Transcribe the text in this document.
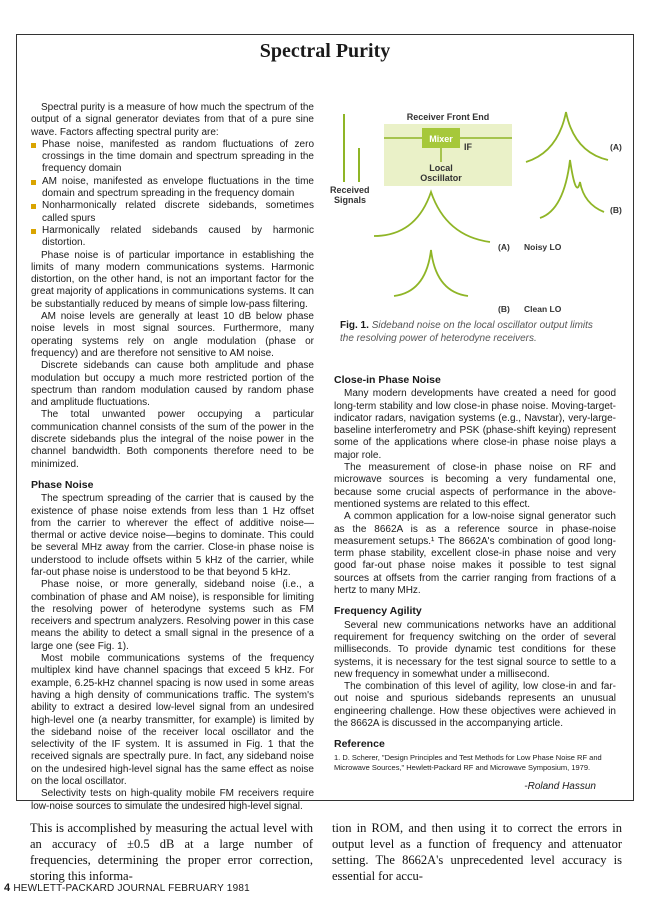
Spectral Purity

Spectral purity is a measure of how much the spectrum of the output of a signal generator deviates from that of a pure sine wave. Factors affecting spectral purity are:

Phase noise, manifested as random fluctuations of zero crossings in the time domain and spectrum spreading in the frequency domain
AM noise, manifested as envelope fluctuations in the time domain and spectrum spreading in the frequency domain
Nonharmonically related discrete sidebands, sometimes called spurs
Harmonically related sidebands caused by harmonic distortion.

Phase noise is of particular importance in establishing the limits of many modern communications systems. Harmonic distortion, on the other hand, is not an important factor for the great majority of applications in communications systems. It can be substantially reduced by means of simple low-pass filtering.

AM noise levels are generally at least 10 dB below phase noise levels in most signal sources. Furthermore, many operating systems rely on angle modulation (phase or frequency) and are therefore not sensitive to AM noise.

Discrete sidebands can cause both amplitude and phase modulation but occupy a much more restricted portion of the spectrum than random modulation caused by random phase and amplitude fluctuations.

The total unwanted power occupying a particular communication channel consists of the sum of the power in the discrete sidebands plus the integral of the noise power in the channel bandwidth. Both components therefore need to be minimized.

Phase Noise

The spectrum spreading of the carrier that is caused by the existence of phase noise extends from less than 1 Hz offset from the carrier to wherever the effect of additive noise—thermal or active device noise—begins to dominate. This could be several MHz away from the carrier. Close-in phase noise is understood to include offsets within 5 kHz of the carrier, while far-out phase noise is understood to be that beyond 5 kHz.

Phase noise, or more generally, sideband noise (i.e., a combination of phase and AM noise), is responsible for limiting the resolving power of heterodyne systems such as FM receivers and spectrum analyzers. Resolving power in this case means the ability to detect a small signal in the presence of a large one (see Fig. 1).

Most mobile communications systems of the frequency multiplex kind have channel spacings that exceed 5 kHz. For example, 6.25-kHz channel spacing is now used in some areas having a high density of communications traffic. The system's ability to extract a desired low-level signal from an undesired high-level one (a nearby transmitter, for example) is limited by the sideband noise of the receiver local oscillator and the selectivity of the IF system. It is assumed in Fig. 1 that the received signals are spectrally pure. In fact, any sideband noise on the undesired high-level signal has the same effect as noise on the local oscillator.

Selectivity tests on high-quality mobile FM receivers require low-noise sources to simulate the undesired high-level signal.

Received
Signals
Receiver Front End
Mixer
IF
Local
Oscillator
(A)
(B)
(A) Noisy LO
(B) Clean LO
Fig. 1. Sideband noise on the local oscillator output limits the resolving power of heterodyne receivers.
Close-in Phase Noise

Many modern developments have created a need for good long-term stability and low close-in phase noise. Moving-target-indicator radars, navigation systems (e.g., Navstar), very-large-baseline interferometry and PSK (phase-shift keying) represent some of the applications where close-in phase noise plays a major role.

The measurement of close-in phase noise on RF and microwave sources is becoming a very fundamental one, because some crucial aspects of performance in the above-mentioned systems are related to this effect.

A common application for a low-noise signal generator such as the 8662A is as a reference source in phase-noise measurement setups.¹ The 8662A's combination of good long-term phase stability, excellent close-in phase noise and very good far-out phase noise makes it possible to test signal sources at offsets from the carrier ranging from fractions of a hertz to many MHz.

Frequency Agility

Several new communications networks have an additional requirement for frequency switching on the order of several milliseconds. To provide dynamic test conditions for these systems, it is necessary for the test signal source to settle to a new frequency in somewhat under a millisecond.

The combination of this level of agility, low close-in and far-out noise and spurious sidebands represents an unusual engineering challenge. How these objectives were achieved in the 8662A is discussed in the accompanying article.

Reference
1. D. Scherer, "Design Principles and Test Methods for Low Phase Noise RF and Microwave Sources," Hewlett-Packard RF and Microwave Symposium, 1979.
-Roland Hassun
This is accomplished by measuring the actual level with an accuracy of ±0.5 dB at a large number of frequencies, determining the proper error correction, storing this informa-
tion in ROM, and then using it to correct the errors in output level as a function of frequency and attenuator setting. The 8662A's unprecedented level accuracy is essential for accu-
4 HEWLETT-PACKARD JOURNAL FEBRUARY 1981
